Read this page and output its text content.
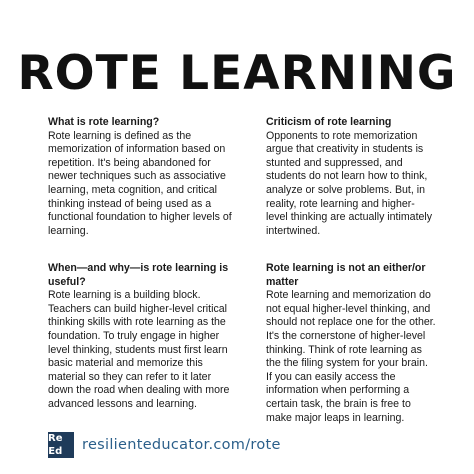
ROTE LEARNING
What is rote learning?

Rote learning is defined as the memorization of information based on repetition. It's being abandoned for newer techniques such as associative learning, meta cognition, and critical thinking instead of being used as a functional foundation to higher levels of learning.

Criticism of rote learning

Opponents to rote memorization argue that creativity in students is stunted and suppressed, and students do not learn how to think, analyze or solve problems. But, in reality, rote learning and higher-level thinking are actually intimately intertwined.

When—and why—is rote learning is useful?

Rote learning is a building block. Teachers can build higher-level critical thinking skills with rote learning as the foundation. To truly engage in higher level thinking, students must first learn basic material and memorize this material so they can refer to it later down the road when dealing with more advanced lessons and learning.

Rote learning is not an either/or matter

Rote learning and memorization do not equal higher-level thinking, and should not replace one for the other. It's the cornerstone of higher-level thinking. Think of rote learning as the the filing system for your brain. If you can easily access the information when performing a certain task, the brain is free to make major leaps in learning.

Re
Ed resilienteducator.com/rote
